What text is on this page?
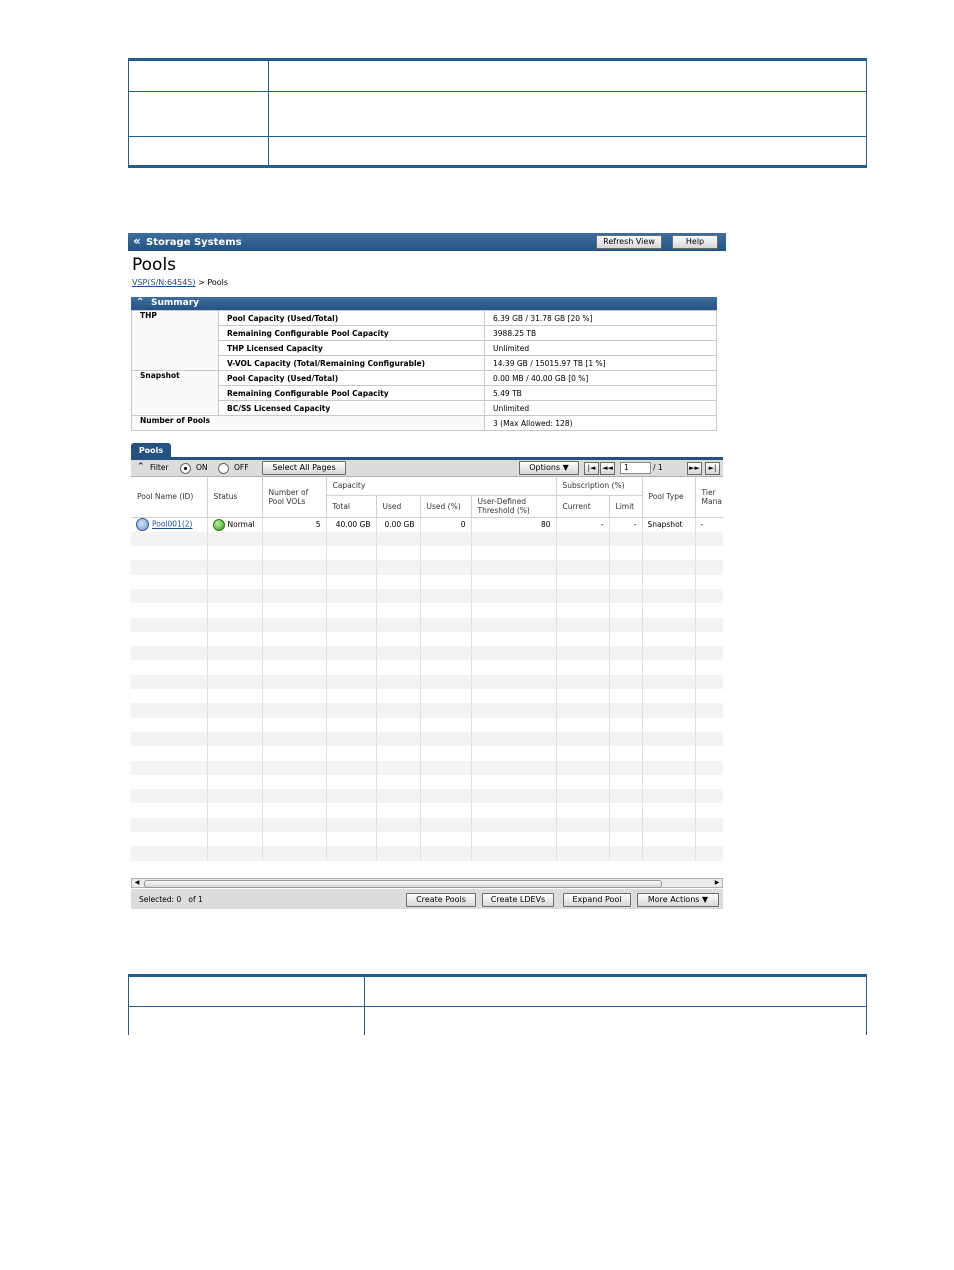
« Storage Systems	Refresh View	Help
Pools
VSP(S/N:64545) > Pools
⌃ Summary
THP	Pool Capacity (Used/Total)	6.39 GB / 31.78 GB [20 %]
	Remaining Configurable Pool Capacity	3988.25 TB
	THP Licensed Capacity	Unlimited
	V-VOL Capacity (Total/Remaining Configurable)	14.39 GB / 15015.97 TB [1 %]
Snapshot	Pool Capacity (Used/Total)	0.00 MB / 40.00 GB [0 %]
	Remaining Configurable Pool Capacity	5.49 TB
	BC/SS Licensed Capacity	Unlimited
Number of Pools		3 (Max Allowed: 128)
Pools
⌃ Filter	ON	OFF	Select All Pages	Options ▼	|◄ ◄◄	1	/ 1	►►	►|
Pool Name (ID)	Status	Number of Pool VOLs	Capacity				Subscription (%)		Pool Type	Tier Mana
			Total	Used	Used (%)	User-Defined Threshold (%)	Current	Limit		
Pool001(2)	Normal	5	40.00 GB	0.00 GB	0	80	-	-	Snapshot	-

◀	▶
Selected: 0 of 1	Create Pools	Create LDEVs	Expand Pool	More Actions ▼
